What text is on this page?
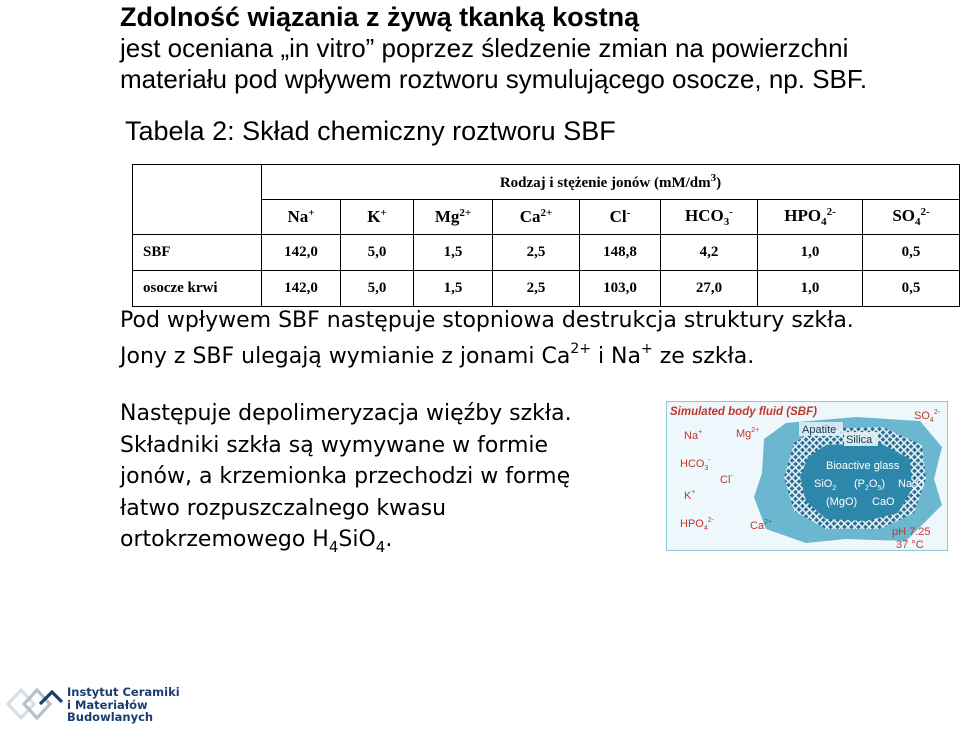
Zdolność wiązania z żywą tkanką kostną
jest oceniana „in vitro” poprzez śledzenie zmian na powierzchni
materiału pod wpływem roztworu symulującego osocze, np. SBF.
Tabela 2: Skład chemiczny roztworu SBF
	Rodzaj i stężenie jonów $(mM/dm^3)$							
	Na+	K+	$Mg^{2+}$	$Ca^{2+}$	Cl-	$HCO_3^-$	$HPO_4^{2-}$	$SO_4^{2-}$
SBF	142,0	5,0	1,5	2,5	148,8	4,2	1,0	0,5
osocze krwi	142,0	5,0	1,5	2,5	103,0	27,0	1,0	0,5
Pod wpływem SBF następuje stopniowa destrukcja struktury szkła.
Jony z SBF ulegają wymianie z jonami $Ca^{2+}$ i Na+ ze szkła.
Następuje depolimeryzacja więźby szkła.
Składniki szkła są wymywane w formie
jonów, a krzemionka przechodzi w formę
łatwo rozpuszczalnego kwasu
ortokrzemowego $H_4SiO_4$.
Simulated body fluid (SBF)
Na+	$Mg^{2+}$
$HCO_3^-$
Cl-
K+
$HPO_4^{2-}$	$Ca^{2+}$
$SO_4^{2-}$
Apatite
Silica
Bioactive glass
SiO$_2$ $(P_2O_5)$ $Na_2O$
(MgO) CaO
pH 7.25
37 °C
Instytut Ceramiki
i Materiałów
Budowlanych
